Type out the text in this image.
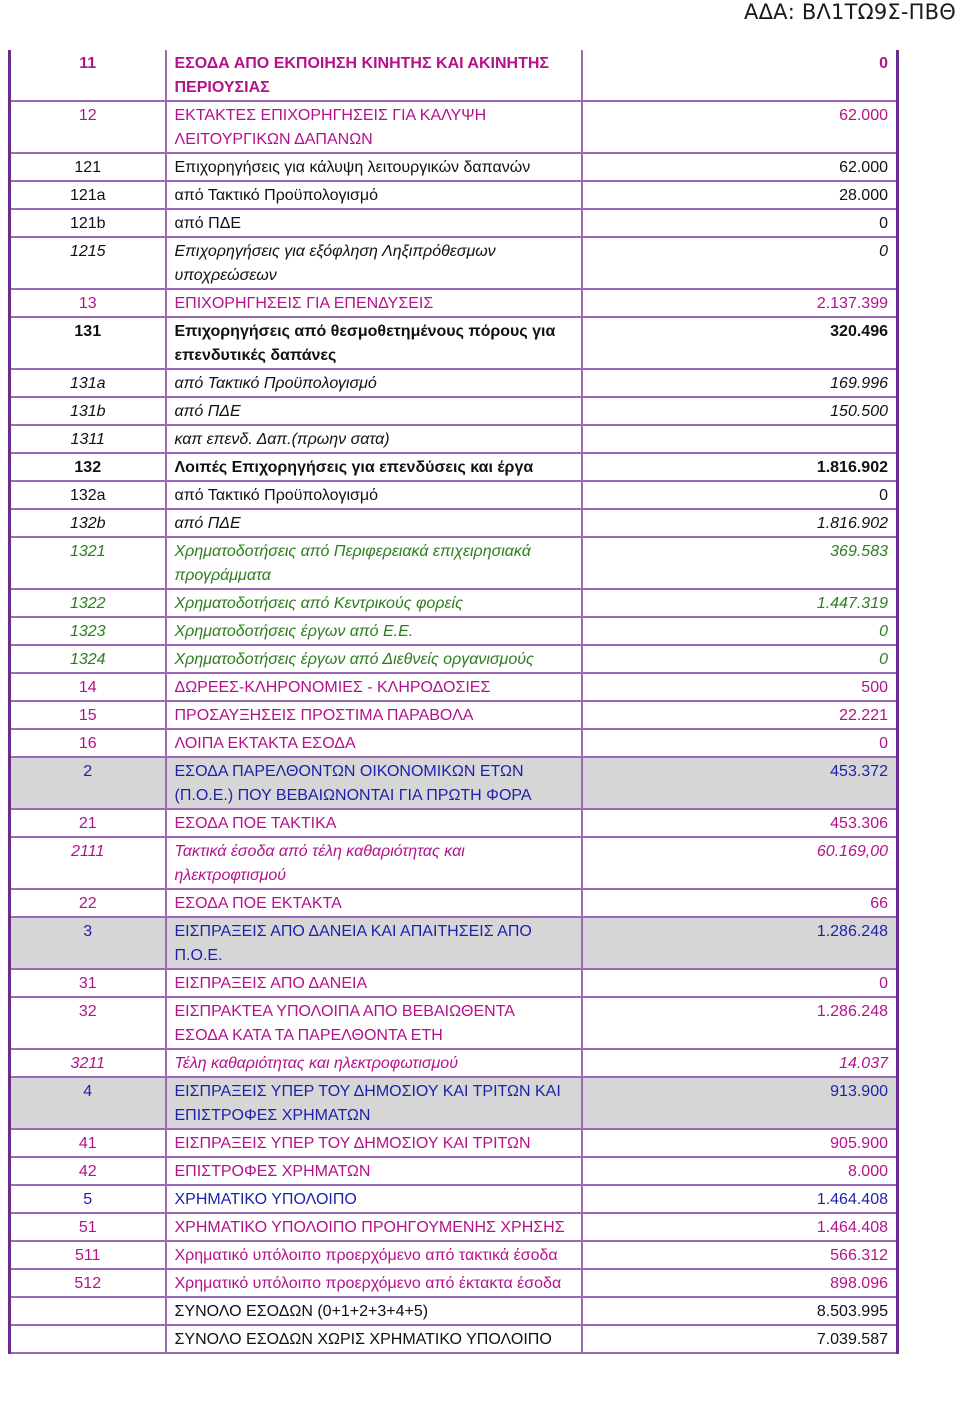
ΑΔΑ: ΒΛ1ΤΩ9Σ-ΠΒΘ
11	ΕΣΟΔΑ ΑΠΟ ΕΚΠΟΙΗΣΗ ΚΙΝΗΤΗΣ ΚΑΙ ΑΚΙΝΗΤΗΣ ΠΕΡΙΟΥΣΙΑΣ	0
12	ΕΚΤΑΚΤΕΣ ΕΠΙΧΟΡΗΓΗΣΕΙΣ ΓΙΑ ΚΑΛΥΨΗ ΛΕΙΤΟΥΡΓΙΚΩΝ ΔΑΠΑΝΩΝ	62.000
121	Επιχορηγήσεις για κάλυψη λειτουργικών δαπανών	62.000
121a	από Τακτικό Προϋπολογισμό	28.000
121b	από ΠΔΕ	0
1215	Επιχορηγήσεις για εξόφληση Ληξιπρόθεσμων υποχρεώσεων	0
13	ΕΠΙΧΟΡΗΓΗΣΕΙΣ ΓΙΑ ΕΠΕΝΔΥΣΕΙΣ	2.137.399
131	Επιχορηγήσεις από θεσμοθετημένους πόρους για επενδυτικές δαπάνες	320.496
131a	από Τακτικό Προϋπολογισμό	169.996
131b	από ΠΔΕ	150.500
1311	καπ επενδ. Δαπ.(πρωην σατα)	
132	Λοιπές Επιχορηγήσεις για επενδύσεις και έργα	1.816.902
132a	από Τακτικό Προϋπολογισμό	0
132b	από ΠΔΕ	1.816.902
1321	Χρηματοδοτήσεις από Περιφερειακά επιχειρησιακά προγράμματα	369.583
1322	Χρηματοδοτήσεις από Κεντρικούς φορείς	1.447.319
1323	Χρηματοδοτήσεις έργων από Ε.Ε.	0
1324	Χρηματοδοτήσεις έργων από Διεθνείς οργανισμούς	0
14	ΔΩΡΕΕΣ-ΚΛΗΡΟΝΟΜΙΕΣ - ΚΛΗΡΟΔΟΣΙΕΣ	500
15	ΠΡΟΣΑΥΞΗΣΕΙΣ ΠΡΟΣΤΙΜΑ ΠΑΡΑΒΟΛΑ	22.221
16	ΛΟΙΠΑ ΕΚΤΑΚΤΑ ΕΣΟΔΑ	0
2	ΕΣΟΔΑ ΠΑΡΕΛΘΟΝΤΩΝ ΟΙΚΟΝΟΜΙΚΩΝ ΕΤΩΝ (Π.Ο.Ε.) ΠΟΥ ΒΕΒΑΙΩΝΟΝΤΑΙ ΓΙΑ ΠΡΩΤΗ ΦΟΡΑ	453.372
21	ΕΣΟΔΑ ΠΟΕ ΤΑΚΤΙΚΑ	453.306
2111	Τακτικά έσοδα από τέλη καθαριότητας και ηλεκτροφτισμού	60.169,00
22	ΕΣΟΔΑ ΠΟΕ ΕΚΤΑΚΤΑ	66
3	ΕΙΣΠΡΑΞΕΙΣ ΑΠΟ ΔΑΝΕΙΑ ΚΑΙ ΑΠΑΙΤΗΣΕΙΣ ΑΠΟ Π.Ο.Ε.	1.286.248
31	ΕΙΣΠΡΑΞΕΙΣ ΑΠΟ ΔΑΝΕΙΑ	0
32	ΕΙΣΠΡΑΚΤΕΑ ΥΠΟΛΟΙΠΑ ΑΠΟ ΒΕΒΑΙΩΘΕΝΤΑ ΕΣΟΔΑ ΚΑΤΑ ΤΑ ΠΑΡΕΛΘΟΝΤΑ ΕΤΗ	1.286.248
3211	Τέλη καθαριότητας και ηλεκτροφωτισμού	14.037
4	ΕΙΣΠΡΑΞΕΙΣ ΥΠΕΡ ΤΟΥ ΔΗΜΟΣΙΟΥ ΚΑΙ ΤΡΙΤΩΝ ΚΑΙ ΕΠΙΣΤΡΟΦΕΣ ΧΡΗΜΑΤΩΝ	913.900
41	ΕΙΣΠΡΑΞΕΙΣ ΥΠΕΡ ΤΟΥ ΔΗΜΟΣΙΟΥ ΚΑΙ ΤΡΙΤΩΝ	905.900
42	ΕΠΙΣΤΡΟΦΕΣ ΧΡΗΜΑΤΩΝ	8.000
5	ΧΡΗΜΑΤΙΚΟ ΥΠΟΛΟΙΠΟ	1.464.408
51	ΧΡΗΜΑΤΙΚΟ ΥΠΟΛΟΙΠΟ ΠΡΟΗΓΟΥΜΕΝΗΣ ΧΡΗΣΗΣ	1.464.408
511	Χρηματικό υπόλοιπο προερχόμενο από τακτικά έσοδα	566.312
512	Χρηματικό υπόλοιπο προερχόμενο από έκτακτα έσοδα	898.096
	ΣΥΝΟΛΟ ΕΣΟΔΩΝ (0+1+2+3+4+5)	8.503.995
	ΣΥΝΟΛΟ ΕΣΟΔΩΝ ΧΩΡΙΣ ΧΡΗΜΑΤΙΚΟ ΥΠΟΛΟΙΠΟ	7.039.587
